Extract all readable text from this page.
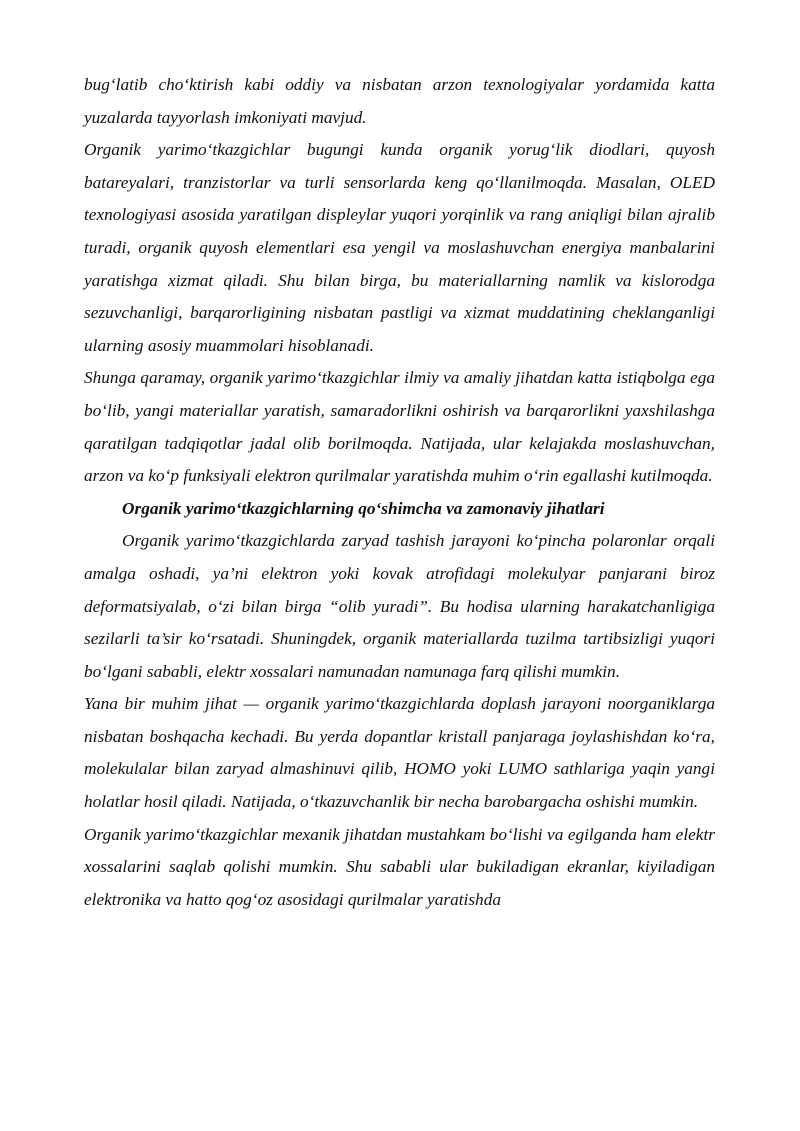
bug‘latib cho‘ktirish kabi oddiy va nisbatan arzon texnologiyalar yordamida katta yuzalarda tayyorlash imkoniyati mavjud.

Organik yarimo‘tkazgichlar bugungi kunda organik yorug‘lik diodlari, quyosh batareyalari, tranzistorlar va turli sensorlarda keng qo‘llanilmoqda. Masalan, OLED texnologiyasi asosida yaratilgan displeylar yuqori yorqinlik va rang aniqligi bilan ajralib turadi, organik quyosh elementlari esa yengil va moslashuvchan energiya manbalarini yaratishga xizmat qiladi. Shu bilan birga, bu materiallarning namlik va kislorodga sezuvchanligi, barqarorligining nisbatan pastligi va xizmat muddatining cheklanganligi ularning asosiy muammolari hisoblanadi.

Shunga qaramay, organik yarimo‘tkazgichlar ilmiy va amaliy jihatdan katta istiqbolga ega bo‘lib, yangi materiallar yaratish, samaradorlikni oshirish va barqarorlikni yaxshilashga qaratilgan tadqiqotlar jadal olib borilmoqda. Natijada, ular kelajakda moslashuvchan, arzon va ko‘p funksiyali elektron qurilmalar yaratishda muhim o‘rin egallashi kutilmoqda.

Organik yarimo‘tkazgichlarning qo‘shimcha va zamonaviy jihatlari

Organik yarimo‘tkazgichlarda zaryad tashish jarayoni ko‘pincha polaronlar orqali amalga oshadi, ya’ni elektron yoki kovak atrofidagi molekulyar panjarani biroz deformatsiyalab, o‘zi bilan birga “olib yuradi”. Bu hodisa ularning harakatchanligiga sezilarli ta’sir ko‘rsatadi. Shuningdek, organik materiallarda tuzilma tartibsizligi yuqori bo‘lgani sababli, elektr xossalari namunadan namunaga farq qilishi mumkin.

Yana bir muhim jihat — organik yarimo‘tkazgichlarda doplash jarayoni noorganiklarga nisbatan boshqacha kechadi. Bu yerda dopantlar kristall panjaraga joylashishdan ko‘ra, molekulalar bilan zaryad almashinuvi qilib, HOMO yoki LUMO sathlariga yaqin yangi holatlar hosil qiladi. Natijada, o‘tkazuvchanlik bir necha barobargacha oshishi mumkin.

Organik yarimo‘tkazgichlar mexanik jihatdan mustahkam bo‘lishi va egilganda ham elektr xossalarini saqlab qolishi mumkin. Shu sababli ular bukiladigan ekranlar, kiyiladigan elektronika va hatto qog‘oz asosidagi qurilmalar yaratishda
